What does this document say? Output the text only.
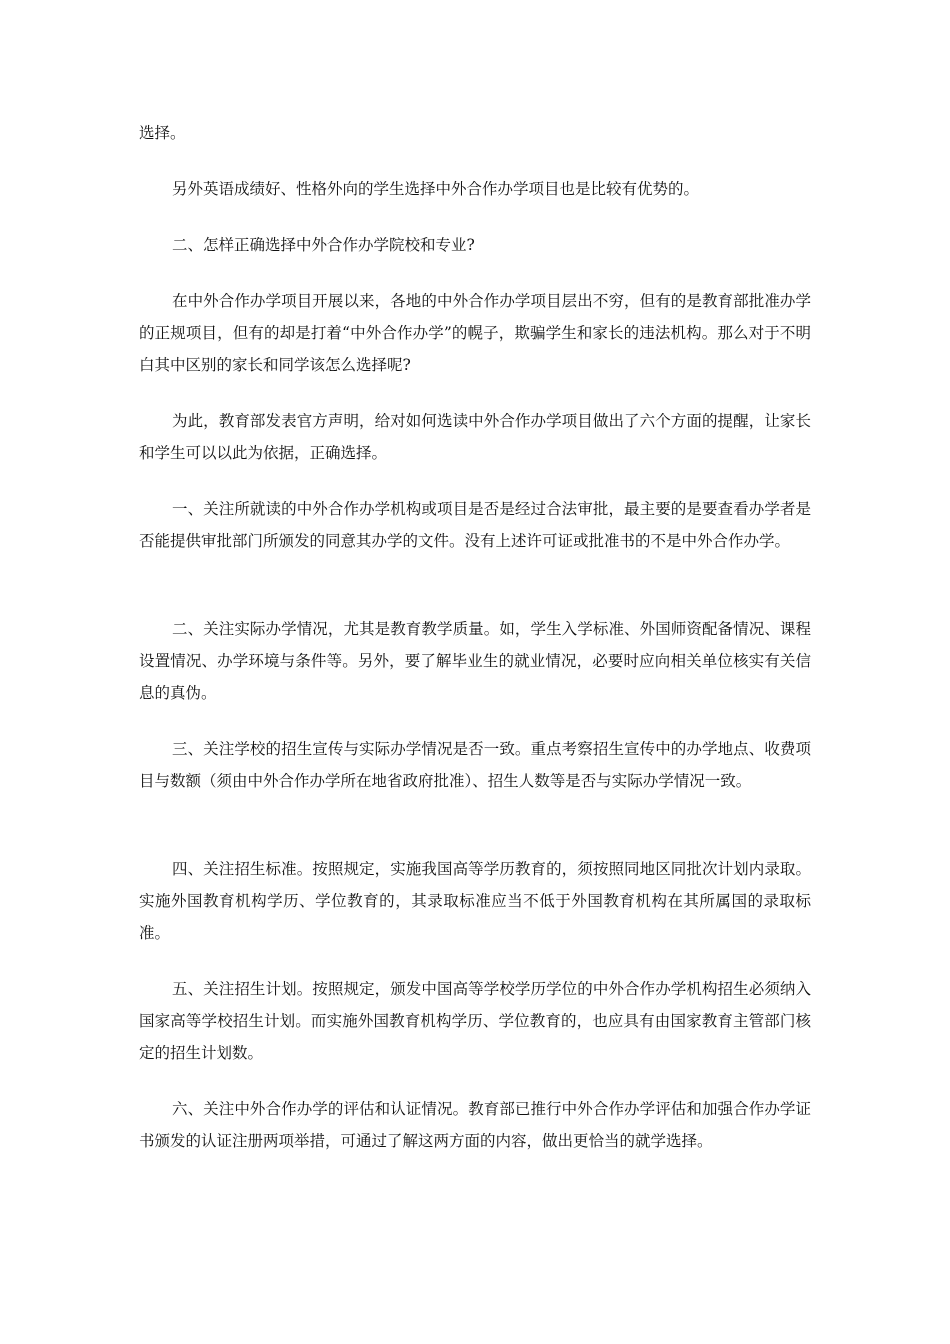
选择。

另外英语成绩好、性格外向的学生选择中外合作办学项目也是比较有优势的。

二、怎样正确选择中外合作办学院校和专业?

在中外合作办学项目开展以来，各地的中外合作办学项目层出不穷，但有的是教育部批准办学的正规项目，但有的却是打着“中外合作办学”的幌子，欺骗学生和家长的违法机构。那么对于不明白其中区别的家长和同学该怎么选择呢?

为此，教育部发表官方声明，给对如何选读中外合作办学项目做出了六个方面的提醒，让家长和学生可以以此为依据，正确选择。

一、关注所就读的中外合作办学机构或项目是否是经过合法审批，最主要的是要查看办学者是否能提供审批部门所颁发的同意其办学的文件。没有上述许可证或批准书的不是中外合作办学。

二、关注实际办学情况，尤其是教育教学质量。如，学生入学标准、外国师资配备情况、课程设置情况、办学环境与条件等。另外，要了解毕业生的就业情况，必要时应向相关单位核实有关信息的真伪。

三、关注学校的招生宣传与实际办学情况是否一致。重点考察招生宣传中的办学地点、收费项目与数额（须由中外合作办学所在地省政府批准）、招生人数等是否与实际办学情况一致。

四、关注招生标准。按照规定，实施我国高等学历教育的，须按照同地区同批次计划内录取。实施外国教育机构学历、学位教育的，其录取标准应当不低于外国教育机构在其所属国的录取标准。

五、关注招生计划。按照规定，颁发中国高等学校学历学位的中外合作办学机构招生必须纳入国家高等学校招生计划。而实施外国教育机构学历、学位教育的，也应具有由国家教育主管部门核定的招生计划数。

六、关注中外合作办学的评估和认证情况。教育部已推行中外合作办学评估和加强合作办学证书颁发的认证注册两项举措，可通过了解这两方面的内容，做出更恰当的就学选择。
